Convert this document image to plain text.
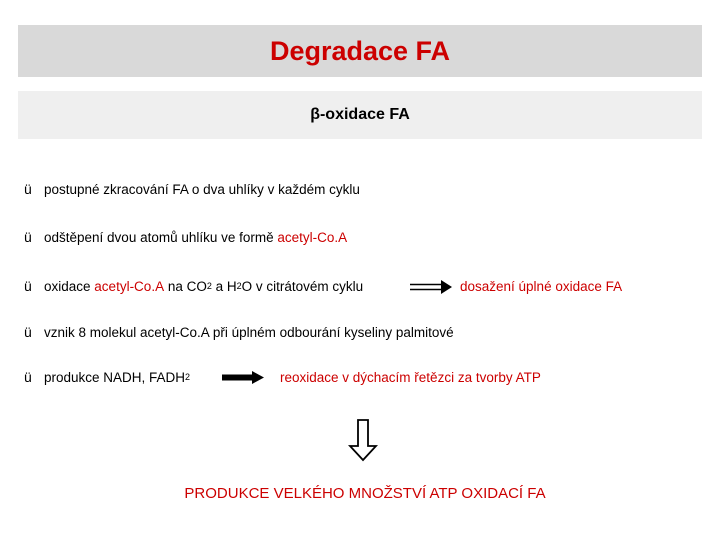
Degradace FA
β-oxidace FA
ü postupné zkracování FA o dva uhlíky v každém cyklu
ü odštěpení dvou atomů uhlíku ve formě acetyl-Co.A
ü oxidace acetyl-Co.A na CO 2 a H 2 O v citrátovém cyklu	dosažení úplné oxidace FA
ü vznik 8 molekul acetyl-Co.A při úplném odbourání kyseliny palmitové
ü produkce NADH, FADH 2	reoxidace v dýchacím řetězci za tvorby ATP
PRODUKCE VELKÉHO MNOŽSTVÍ ATP OXIDACÍ FA
